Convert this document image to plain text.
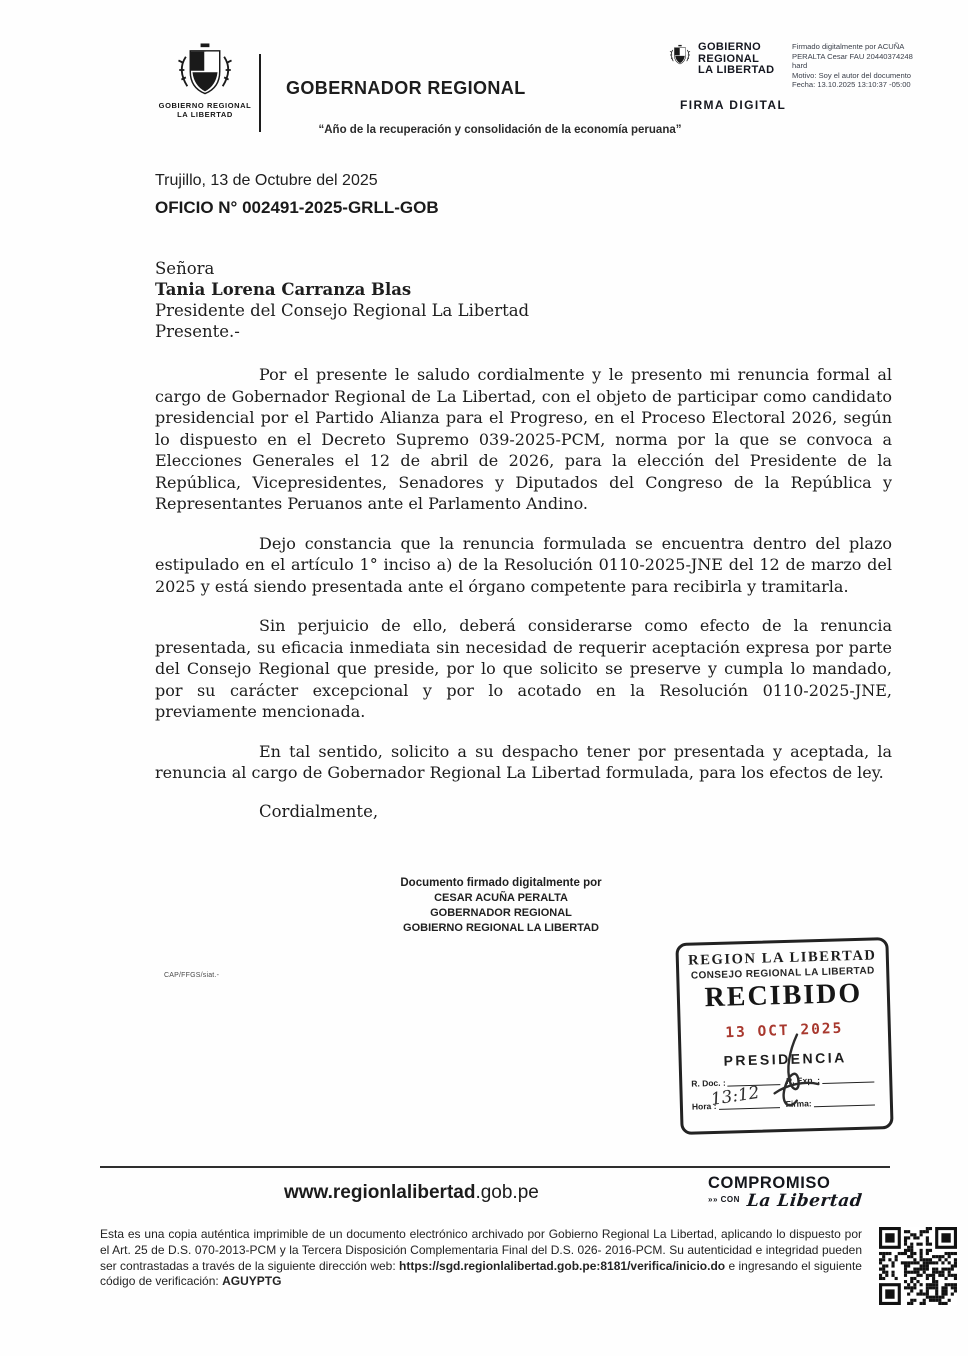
GOBIERNO REGIONAL
LA LIBERTAD
GOBERNADOR REGIONAL
GOBIERNO
REGIONAL
LA LIBERTAD
Firmado digitalmente por ACUÑA
PERALTA Cesar FAU 20440374248
hard
Motivo: Soy el autor del documento
Fecha: 13.10.2025 13:10:37 -05:00
FIRMA DIGITAL
“Año de la recuperación y consolidación de la economía peruana”
Trujillo, 13 de Octubre del 2025
OFICIO N° 002491-2025-GRLL-GOB
Señora
Tania Lorena Carranza Blas
Presidente del Consejo Regional La Libertad
Presente.-

Por el presente le saludo cordialmente y le presento mi renuncia formal al cargo de Gobernador Regional de La Libertad, con el objeto de participar como candidato presidencial por el Partido Alianza para el Progreso, en el Proceso Electoral 2026, según lo dispuesto en el Decreto Supremo 039-2025-PCM, norma por la que se convoca a Elecciones Generales el 12 de abril de 2026, para la elección del Presidente de la República, Vicepresidentes, Senadores y Diputados del Congreso de la República y Representantes Peruanos ante el Parlamento Andino.

Dejo constancia que la renuncia formulada se encuentra dentro del plazo estipulado en el artículo 1° inciso a) de la Resolución 0110-2025-JNE del 12 de marzo del 2025 y está siendo presentada ante el órgano competente para recibirla y tramitarla.

Sin perjuicio de ello, deberá considerarse como efecto de la renuncia presentada, su eficacia inmediata sin necesidad de requerir aceptación expresa por parte del Consejo Regional que preside, por lo que solicito se preserve y cumpla lo mandado, por su carácter excepcional y por lo acotado en la Resolución 0110-2025-JNE, previamente mencionada.

En tal sentido, solicito a su despacho tener por presentada y aceptada, la renuncia al cargo de Gobernador Regional La Libertad formulada, para los efectos de ley.

Cordialmente,
Documento firmado digitalmente por
CESAR ACUÑA PERALTA
GOBERNADOR REGIONAL
GOBIERNO REGIONAL LA LIBERTAD
CAP/FFGS/siat.-
REGION LA LIBERTAD
CONSEJO REGIONAL LA LIBERTAD
RECIBIDO
13 OCT 2025
PRESIDENCIA
R. Doc. :	R. Exp. :
Hora :	Firma:
13:12
www.regionlalibertad.gob.pe	COMPROMISO
$^{»» CON}$ La Libertad
Esta es una copia auténtica imprimible de un documento electrónico archivado por Gobierno Regional La Libertad, aplicando lo dispuesto por el Art. 25 de D.S. 070-2013-PCM y la Tercera Disposición Complementaria Final del D.S. 026- 2016-PCM. Su autenticidad e integridad pueden ser contrastadas a través de la siguiente dirección web: https://sgd.regionlalibertad.gob.pe:8181/verifica/inicio.do e ingresando el siguiente código de verificación: AGUYPTG
